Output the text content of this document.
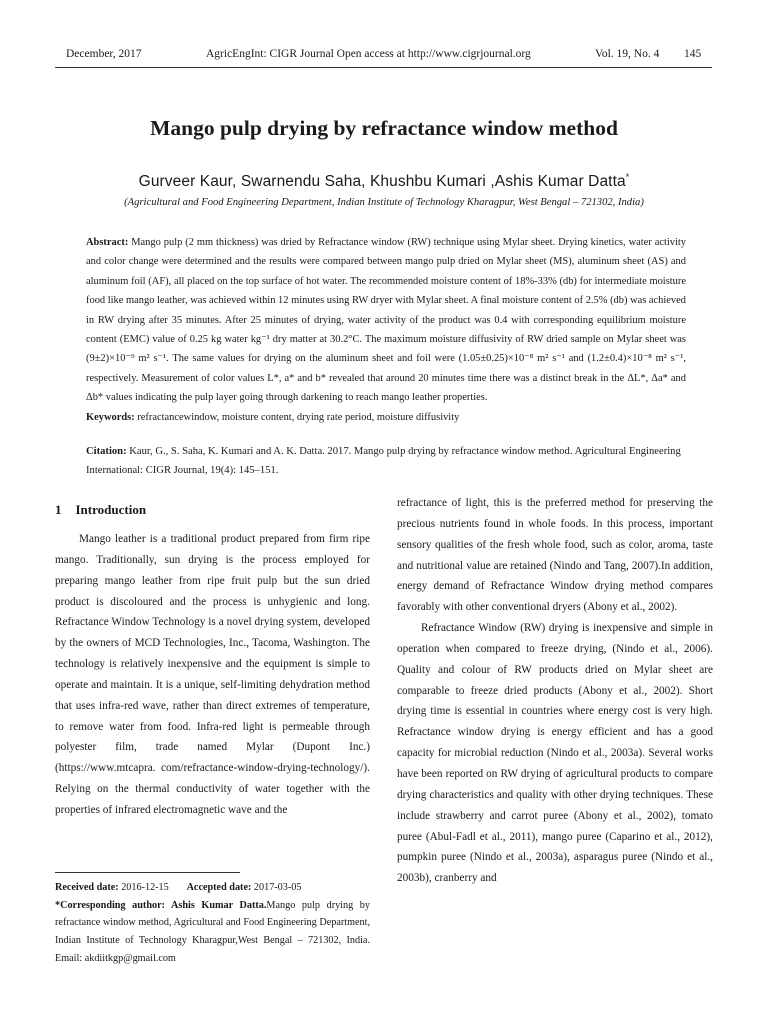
December, 2017	AgricEngInt: CIGR Journal Open access at http://www.cigrjournal.org	Vol. 19, No. 4 145
Mango pulp drying by refractance window method
Gurveer Kaur, Swarnendu Saha, Khushbu Kumari ,Ashis Kumar Datta*
(Agricultural and Food Engineering Department, Indian Institute of Technology Kharagpur, West Bengal – 721302, India)

Abstract: Mango pulp (2 mm thickness) was dried by Refractance window (RW) technique using Mylar sheet. Drying kinetics, water activity and color change were determined and the results were compared between mango pulp dried on Mylar sheet (MS), aluminum sheet (AS) and aluminum foil (AF), all placed on the top surface of hot water. The recommended moisture content of 18%-33% (db) for intermediate moisture food like mango leather, was achieved within 12 minutes using RW dryer with Mylar sheet. A final moisture content of 2.5% (db) was achieved in RW drying after 35 minutes. After 25 minutes of drying, water activity of the product was 0.4 with corresponding equilibrium moisture content (EMC) value of 0.25 kg water kg⁻¹ dry matter at 30.2°C. The maximum moisture diffusivity of RW dried sample on Mylar sheet was (9±2)×10⁻⁹ m² s⁻¹. The same values for drying on the aluminum sheet and foil were (1.05±0.25)×10⁻⁸ m² s⁻¹ and (1.2±0.4)×10⁻⁸ m² s⁻¹, respectively. Measurement of color values L*, a* and b* revealed that around 20 minutes time there was a distinct break in the ΔL*, Δa* and Δb* values indicating the pulp layer going through darkening to reach mango leather properties.

Keywords: refractancewindow, moisture content, drying rate period, moisture diffusivity

Citation: Kaur, G., S. Saha, K. Kumari and A. K. Datta. 2017. Mango pulp drying by refractance window method. Agricultural Engineering International: CIGR Journal, 19(4): 145–151.

1 Introduction

Mango leather is a traditional product prepared from firm ripe mango. Traditionally, sun drying is the process employed for preparing mango leather from ripe fruit pulp but the sun dried product is discoloured and the process is unhygienic and long. Refractance Window Technology is a novel drying system, developed by the owners of MCD Technologies, Inc., Tacoma, Washington. The technology is relatively inexpensive and the equipment is simple to operate and maintain. It is a unique, self-limiting dehydration method that uses infra-red wave, rather than direct extremes of temperature, to remove water from food. Infra-red light is permeable through polyester film, trade named Mylar (Dupont Inc.) (https://www.mtcapra. com/refractance-window-drying-technology/). Relying on the thermal conductivity of water together with the properties of infrared electromagnetic wave and the

refractance of light, this is the preferred method for preserving the precious nutrients found in whole foods. In this process, important sensory qualities of the fresh whole food, such as color, aroma, taste and nutritional value are retained (Nindo and Tang, 2007).In addition, energy demand of Refractance Window drying method compares favorably with other conventional dryers (Abony et al., 2002).

Refractance Window (RW) drying is inexpensive and simple in operation when compared to freeze drying, (Nindo et al., 2006). Quality and colour of RW products dried on Mylar sheet are comparable to freeze dried products (Abony et al., 2002). Short drying time is essential in countries where energy cost is very high. Refractance window drying is energy efficient and has a good capacity for microbial reduction (Nindo et al., 2003a). Several works have been reported on RW drying of agricultural products to compare drying characteristics and quality with other drying techniques. These include strawberry and carrot puree (Abony et al., 2002), tomato puree (Abul-Fadl et al., 2011), mango puree (Caparino et al., 2012), pumpkin puree (Nindo et al., 2003a), asparagus puree (Nindo et al., 2003b), cranberry and

Received date: 2016-12-15 Accepted date: 2017-03-05

*Corresponding author: Ashis Kumar Datta.Mango pulp drying by refractance window method, Agricultural and Food Engineering Department, Indian Institute of Technology Kharagpur,West Bengal – 721302, India. Email: akdiitkgp@gmail.com
